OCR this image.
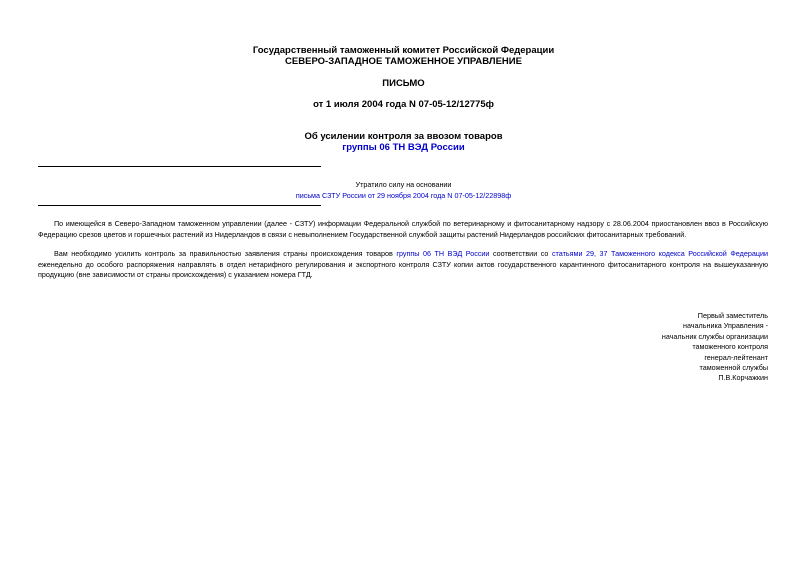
Государственный таможенный комитет Российской Федерации
СЕВЕРО-ЗАПАДНОЕ ТАМОЖЕННОЕ УПРАВЛЕНИЕ
ПИСЬМО
от 1 июля 2004 года N 07-05-12/12775ф
Об усилении контроля за ввозом товаров
группы 06 ТН ВЭД России
Утратило силу на основании
письма СЗТУ России от 29 ноября 2004 года N 07-05-12/22898ф
По имеющейся в Северо-Западном таможенном управлении (далее - СЗТУ) информации Федеральной службой по ветеринарному и фитосанитарному надзору с 28.06.2004 приостановлен ввоз в Российскую Федерацию срезов цветов и горшечных растений из Нидерландов в связи с невыполнением Государственной службой защиты растений Нидерландов российских фитосанитарных требований.
Вам необходимо усилить контроль за правильностью заявления страны происхождения товаров группы 06 ТН ВЭД России соответствии со статьями 29, 37 Таможенного кодекса Российской Федерации еженедельно до особого распоряжения направлять в отдел нетарифного регулирования и экспортного контроля СЗТУ копии актов государственного карантинного фитосанитарного контроля на вышеуказанную продукцию (вне зависимости от страны происхождения) с указанием номера ГТД.
Первый заместитель
начальника Управления -
начальник службы организации
таможенного контроля
генерал-лейтенант
таможенной службы
П.В.Корчажкин
